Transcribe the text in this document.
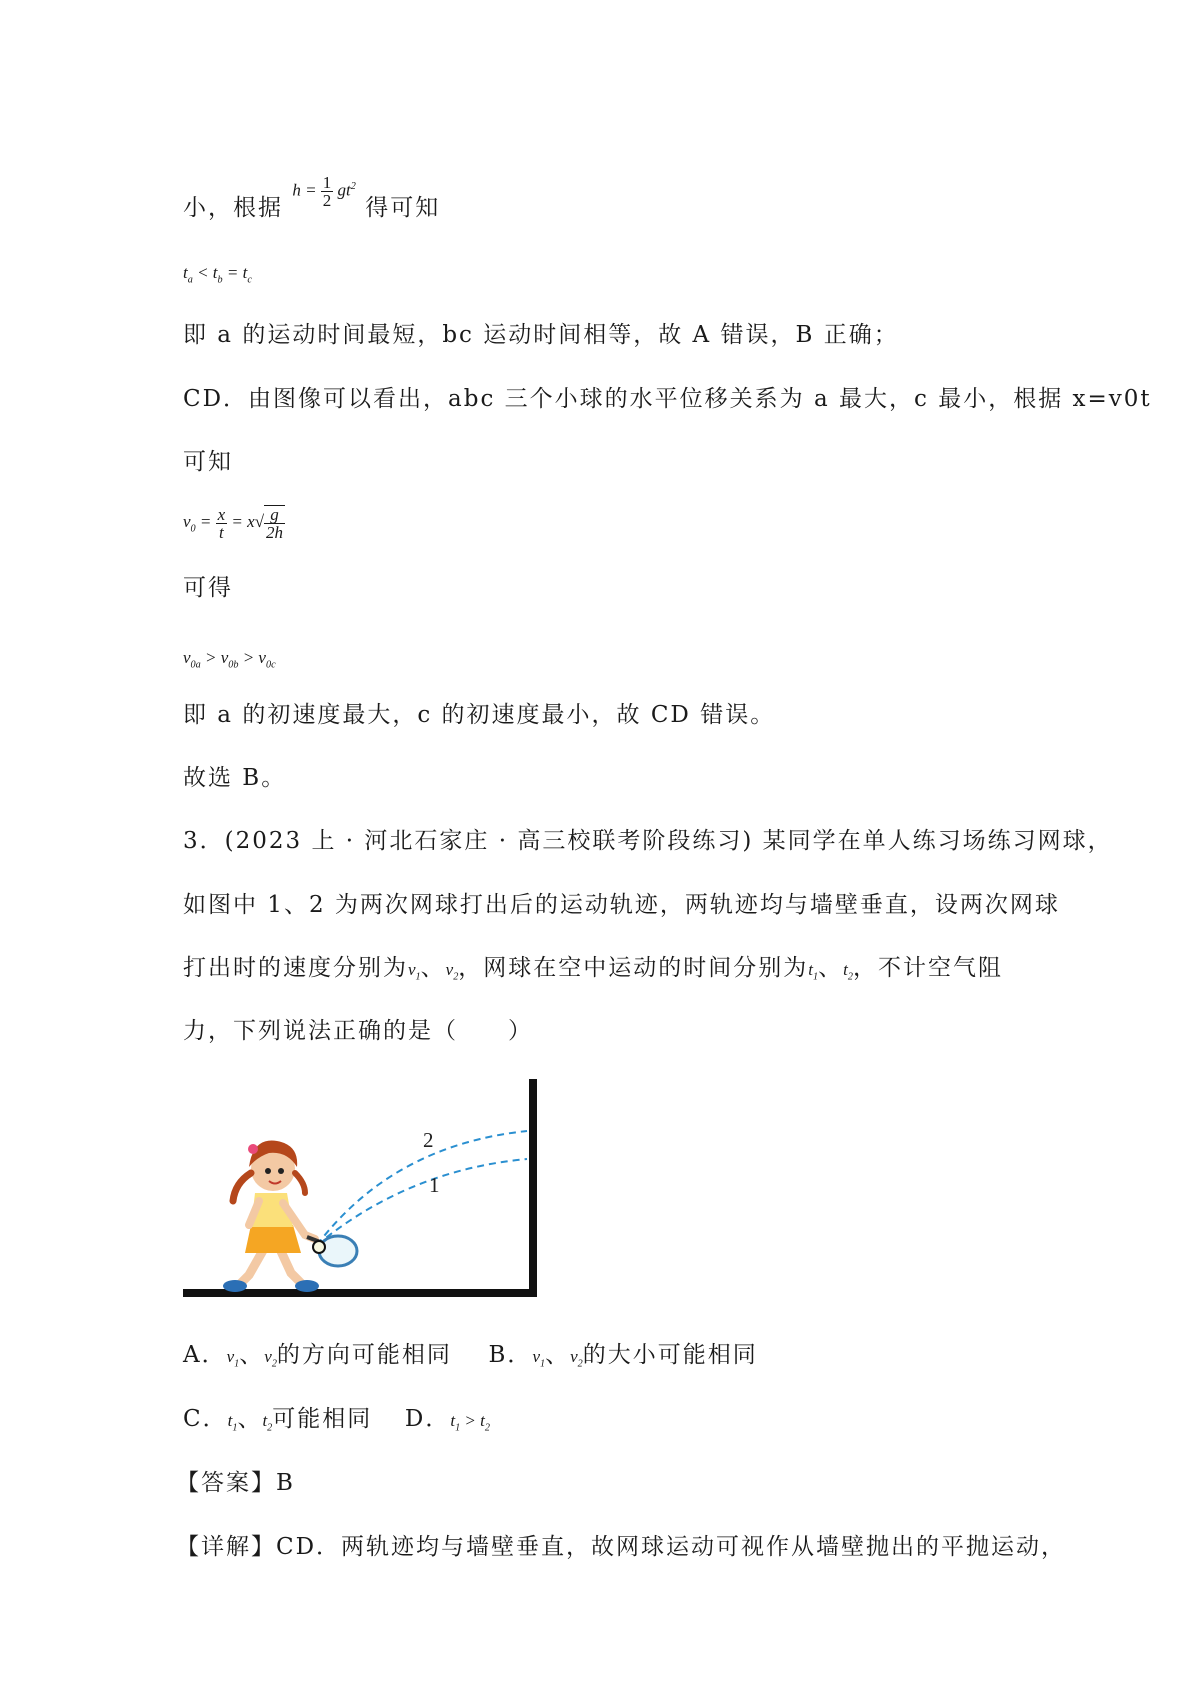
小，根据 $h = \frac{1}{2} gt^2$ 得可知
$t_a < t_b = t_c$
即 a 的运动时间最短，bc 运动时间相等，故 A 错误，B 正确；
CD．由图像可以看出，abc 三个小球的水平位移关系为 a 最大，c 最小，根据 x=v0t
可知
$v_0 = \frac{x}{t} = x√ \frac{g}{2h}$
可得
$v_{0a} > v_{0b} > v_{0c}$
即 a 的初速度最大，c 的初速度最小，故 CD 错误。
故选 B。
3．(2023 上 · 河北石家庄 · 高三校联考阶段练习) 某同学在单人练习场练习网球，
如图中 1、2 为两次网球打出后的运动轨迹，两轨迹均与墙壁垂直，设两次网球
打出时的速度分别为$v_1$、$v_2$，网球在空中运动的时间分别为$t_1$、$t_2$，不计空气阻
力，下列说法正确的是（　　）
2
1
A．$v_1$、$v_2$的方向可能相同 B．$v_1$、$v_2$的大小可能相同
C．$t_1$、$t_2$可能相同 D．$t_1 > t_2$
【答案】B
【详解】CD．两轨迹均与墙壁垂直，故网球运动可视作从墙壁抛出的平抛运动，
